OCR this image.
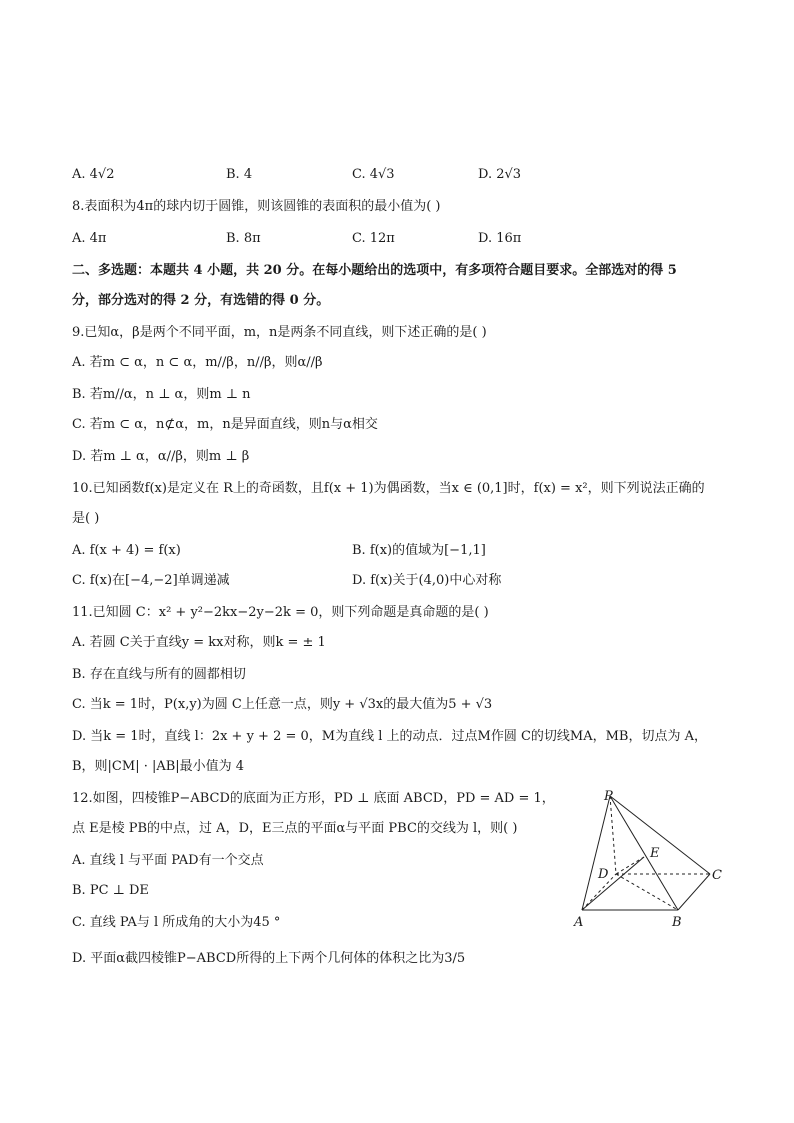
A. 4√2	B. 4	C. 4√3	D. 2√3
8.表面积为4π的球内切于圆锥，则该圆锥的表面积的最小值为( )
A. 4π	B. 8π	C. 12π	D. 16π
二、多选题：本题共 4 小题，共 20 分。在每小题给出的选项中，有多项符合题目要求。全部选对的得 5
分，部分选对的得 2 分，有选错的得 0 分。
9.已知α，β是两个不同平面，m，n是两条不同直线，则下述正确的是( )
A. 若m ⊂ α，n ⊂ α，m//β，n//β，则α//β
B. 若m//α，n ⊥ α，则m ⊥ n
C. 若m ⊂ α，n⊄α，m，n是异面直线，则n与α相交
D. 若m ⊥ α，α//β，则m ⊥ β
10.已知函数f(x)是定义在 R上的奇函数，且f(x + 1)为偶函数，当x ∈ (0,1]时，f(x) = x²，则下列说法正确的
是( )
A. f(x + 4) = f(x)	B. f(x)的值域为[−1,1]
C. f(x)在[−4,−2]单调递减	D. f(x)关于(4,0)中心对称
11.已知圆 C：x² + y²−2kx−2y−2k = 0，则下列命题是真命题的是( )
A. 若圆 C关于直线y = kx对称，则k = ± 1
B. 存在直线与所有的圆都相切
C. 当k = 1时，P(x,y)为圆 C上任意一点，则y + √3x的最大值为5 + √3
D. 当k = 1时，直线 l：2x + y + 2 = 0，M为直线 l 上的动点．过点M作圆 C的切线MA，MB，切点为 A，
B，则|CM| · |AB|最小值为 4
12.如图，四棱锥P−ABCD的底面为正方形，PD ⊥ 底面 ABCD，PD = AD = 1，
点 E是棱 PB的中点，过 A，D，E三点的平面α与平面 PBC的交线为 l，则( )
A. 直线 l 与平面 PAD有一个交点
B. PC ⊥ DE
C. 直线 PA与 l 所成角的大小为45 °
D. 平面α截四棱锥P−ABCD所得的上下两个几何体的体积之比为3/5
P
E
D	C
A	B
